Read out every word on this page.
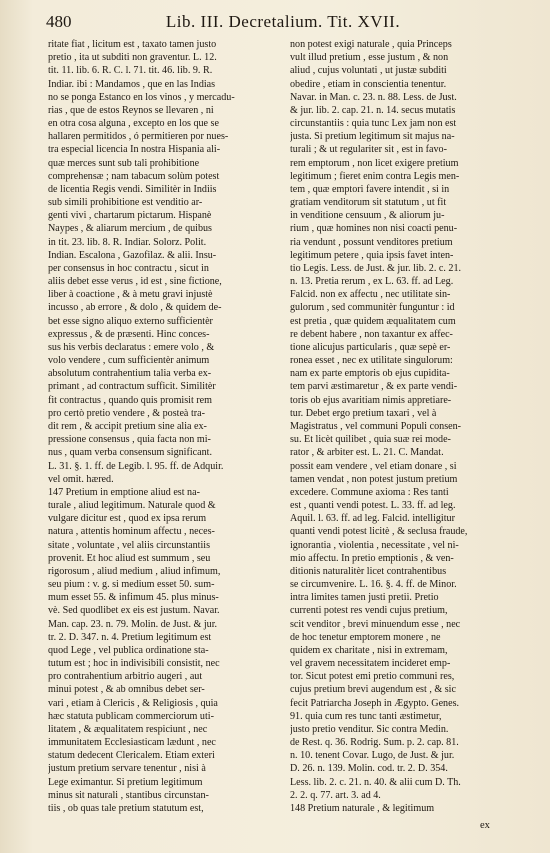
480	Lib. III. Decretalium. Tit. XVII.
ritate fiat , licitum est , taxato tamen justo
pretio , ita ut subditi non graventur. L. 12.
tit. 11. lib. 6. R. C. l. 71. tit. 46. lib. 9. R.
Indiar. ibi : Mandamos , que en las Indias
no se ponga Estanco en los vinos , y mercadu-
rias , que de estos Reynos se llevaren , ni
en otra cosa alguna , excepto en los que se
hallaren permitidos , ó permitieren por nues-
tra especial licencia In nostra Hispania ali-
quæ merces sunt sub tali prohibitione
comprehensæ ; nam tabacum solùm potest
de licentia Regis vendi. Similitèr in Indiis
sub simili prohibitione est venditio ar-
genti vivi , chartarum pictarum. Hispanè
Naypes , & aliarum mercium , de quibus
in tit. 23. lib. 8. R. Indiar. Solorz. Polit.
Indian. Escalona , Gazofilaz. & alii. Insu-
per consensus in hoc contractu , sicut in
aliis debet esse verus , id est , sine fictione,
liber à coactione , & à metu gravi injustè
incusso , ab errore , & dolo , & quidem de-
bet esse signo aliquo externo sufficientèr
expressus , & de præsenti. Hinc conces-
sus his verbis declaratus : emere volo , &
volo vendere , cum sufficientèr animum
absolutum contrahentium talia verba ex-
primant , ad contractum sufficit. Similitèr
fit contractus , quando quis promisit rem
pro certò pretio vendere , & posteà tra-
dit rem , & accipit pretium sine alia ex-
pressione consensus , quia facta non mi-
nus , quam verba consensum significant.
L. 31. §. 1. ff. de Legib. l. 95. ff. de Adquir.
vel omit. hæred.
147 Pretium in emptione aliud est na-
turale , aliud legitimum. Naturale quod &
vulgare dicitur est , quod ex ipsa rerum
natura , attentis hominum affectu , neces-
sitate , voluntate , vel aliis circunstantiis
provenit. Et hoc aliud est summum , seu
rigorosum , aliud medium , aliud infimum,
seu pium : v. g. si medium esset 50. sum-
mum esset 55. & infimum 45. plus minus-
vè. Sed quodlibet ex eis est justum. Navar.
Man. cap. 23. n. 79. Molin. de Just. & jur.
tr. 2. D. 347. n. 4. Pretium legitimum est
quod Lege , vel publica ordinatione sta-
tutum est ; hoc in indivisibili consistit, nec
pro contrahentium arbitrio augeri , aut
minui potest , & ab omnibus debet ser-
vari , etiam à Clericis , & Religiosis , quia
hæc statuta publicam commerciorum uti-
litatem , & æqualitatem respiciunt , nec
immunitatem Ecclesiasticam lædunt , nec
statum dedecent Clericalem. Etiam exteri
justum pretium servare tenentur , nisi à
Lege eximantur. Si pretium legitimum
minus sit naturali , stantibus circunstan-
tiis , ob quas tale pretium statutum est,
non potest exigi naturale , quia Princeps
vult illud pretium , esse justum , & non
aliud , cujus voluntati , ut justæ subditi
obedire , etiam in conscientia tenentur.
Navar. in Man. c. 23. n. 88. Less. de Just.
& jur. lib. 2. cap. 21. n. 14. secus mutatis
circunstantiis : quia tunc Lex jam non est
justa. Si pretium legitimum sit majus na-
turali ; & ut regulariter sit , est in favo-
rem emptorum , non licet exigere pretium
legitimum ; fieret enim contra Legis men-
tem , quæ emptori favere intendit , si in
gratiam venditorum sit statutum , ut fit
in venditione censuum , & aliorum ju-
rium , quæ homines non nisi coacti penu-
ria vendunt , possunt venditores pretium
legitimum petere , quia ipsis favet inten-
tio Legis. Less. de Just. & jur. lib. 2. c. 21.
n. 13. Pretia rerum , ex L. 63. ff. ad Leg.
Falcid. non ex affectu , nec utilitate sin-
gulorum , sed communitèr funguntur : id
est pretia , quæ quidem æqualitatem cum
re debent habere , non taxantur ex affec-
tione alicujus particularis , quæ sepè er-
ronea esset , nec ex utilitate singulorum:
nam ex parte emptoris ob ejus cupidita-
tem parvi æstimaretur , & ex parte vendi-
toris ob ejus avaritiam nimis appretiare-
tur. Debet ergo pretium taxari , vel à
Magistratus , vel communi Populi consen-
su. Et licèt quilibet , quia suæ rei mode-
rator , & arbiter est. L. 21. C. Mandat.
possit eam vendere , vel etiam donare , si
tamen vendat , non potest justum pretium
excedere. Commune axioma : Res tanti
est , quanti vendi potest. L. 33. ff. ad leg.
Aquil. l. 63. ff. ad leg. Falcid. intelligitur
quanti vendi potest licitè , & seclusa fraude,
ignorantia , violentia , necessitate , vel ni-
mio affectu. In pretio emptionis , & ven-
ditionis naturalitèr licet contrahentibus
se circumvenire. L. 16. §. 4. ff. de Minor.
intra limites tamen justi pretii. Pretio
currenti potest res vendi cujus pretium,
scit venditor , brevi minuendum esse , nec
de hoc tenetur emptorem monere , ne
quidem ex charitate , nisi in extremam,
vel gravem necessitatem incideret emp-
tor. Sicut potest emi pretio communi res,
cujus pretium brevi augendum est , & sic
fecit Patriarcha Joseph in Ægypto. Genes.
91. quia cum res tunc tanti æstimetur,
justo pretio venditur. Sic contra Medin.
de Rest. q. 36. Rodrig. Sum. p. 2. cap. 81.
n. 10. tenent Covar. Lugo, de Just. & jur.
D. 26. n. 139. Molin. cod. tr. 2. D. 354.
Less. lib. 2. c. 21. n. 40. & alii cum D. Th.
2. 2. q. 77. art. 3. ad 4.
148 Pretium naturale , & legitimum
ex
